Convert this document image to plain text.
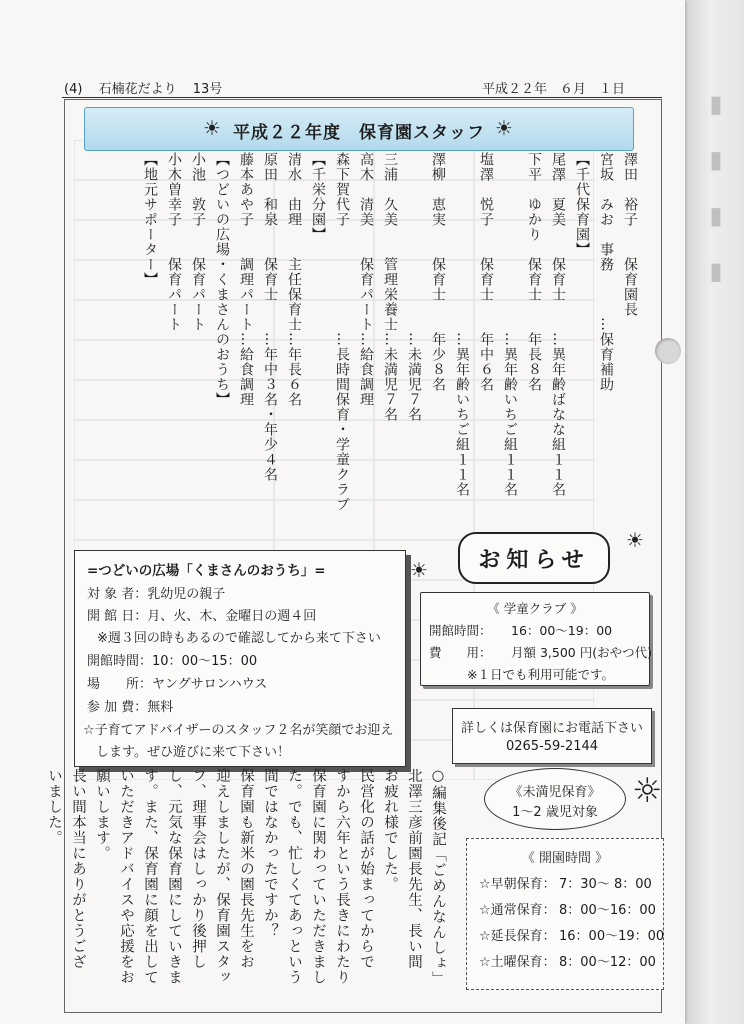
(4) 石楠花だより 13号	平成２２年　６月　１日
☀ 平成２２年度　保育園スタッフ ☀
澤田　裕子　　保育園長
宮坂　みお　事務　　　…保育補助
【千代保育園】
尾澤　夏美　　保育士　　…異年齢ばなな組１１名
下平　ゆかり　保育士　　年長８名
　　　　　　　　　　　　…異年齢いちご組１１名
塩澤　悦子　　保育士　　年中６名
　　　　　　　　　　　　…異年齢いちご組１１名
澤柳　恵実　　保育士　　年少８名
　　　　　　　　　　　　…未満児７名
三浦　久美　　管理栄養士…未満児７名
高木　清美　　保育パート…給食調理
森下賀代子　　　　　　　…長時間保育・学童クラブ
【千栄分園】
清水　由理　　主任保育士…年長６名
原田　和泉　　保育士　　…年中３名・年少４名
藤本あや子　　調理パート…給食調理
【つどいの広場・くまさんのおうち】
小池　敦子　　保育パート
小木曽幸子　　保育パート
【地元サポーター】
=つどいの広場「くまさんのおうち」=
対 象 者：乳幼児の親子
開 館 日：月、火、木、金曜日の週４回
※週３回の時もあるので確認してから来て下さい
開館時間：10：00～15：00
場　　所：ヤングサロンハウス
参 加 費：無料
☆子育てアドバイザーのスタッフ２名が笑顔でお迎え
　します。ぜひ遊びに来て下さい！
☀	お知らせ
☀
《 学童クラブ 》
開館時間： 16：00～19：00
費　　用： 月額 3,500 円(おやつ代)
※１日でも利用可能です。
詳しくは保育園にお電話下さい
0265-59-2144
《未満児保育》
1～2 歳児対象
☼
《 開園時間 》
☆早朝保育： 7：30～ 8：00
☆通常保育： 8：00～16：00
☆延長保育： 16：00～19：00
☆土曜保育： 8：00～12：00
○編集後記「ごめんなんしょ」
北澤三彦前園長先生、長い間
お疲れ様でした。
民営化の話が始まってからで
すから六年という長きにわたり
保育園に関わっていただきまし
た。でも、忙しくてあっという
間ではなかったですか？
保育園も新米の園長先生をお
迎えしましたが、保育園スタッ
フ、理事会はしっかり後押し
し、元気な保育園にしていきま
す。また、保育園に顔を出して
いただきアドバイスや応援をお
願いします。
長い間本当にありがとうござ
いました。
▮ ▮ ▮ ▮
